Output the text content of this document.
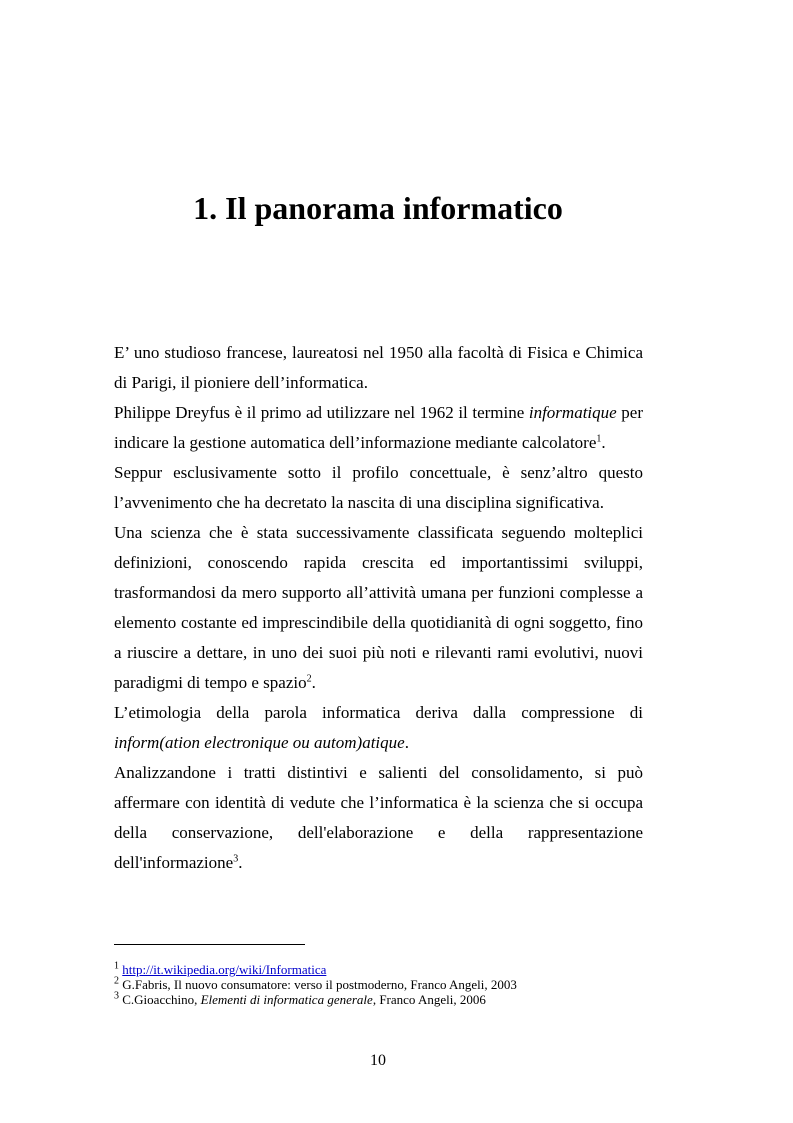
1. Il panorama informatico

E’ uno studioso francese, laureatosi nel 1950 alla facoltà di Fisica e Chimica di Parigi, il pioniere dell’informatica.

Philippe Dreyfus è il primo ad utilizzare nel 1962 il termine informatique per indicare la gestione automatica dell’informazione mediante calcolatore$^1$.

Seppur esclusivamente sotto il profilo concettuale, è senz’altro questo l’avvenimento che ha decretato la nascita di una disciplina significativa.

Una scienza che è stata successivamente classificata seguendo molteplici definizioni, conoscendo rapida crescita ed importantissimi sviluppi, trasformandosi da mero supporto all’attività umana per funzioni complesse a elemento costante ed imprescindibile della quotidianità di ogni soggetto, fino a riuscire a dettare, in uno dei suoi più noti e rilevanti rami evolutivi, nuovi paradigmi di tempo e spazio$^2$.

L’etimologia della parola informatica deriva dalla compressione di inform(ation electronique ou autom)atique.

Analizzandone i tratti distintivi e salienti del consolidamento, si può affermare con identità di vedute che l’informatica è la scienza che si occupa della conservazione, dell'elaborazione e della rappresentazione

dell'informazione$^3$.

$^1$ http://it.wikipedia.org/wiki/Informatica
$^2$ G.Fabris, Il nuovo consumatore: verso il postmoderno, Franco Angeli, 2003
$^3$ C.Gioacchino, Elementi di informatica generale, Franco Angeli, 2006
10
